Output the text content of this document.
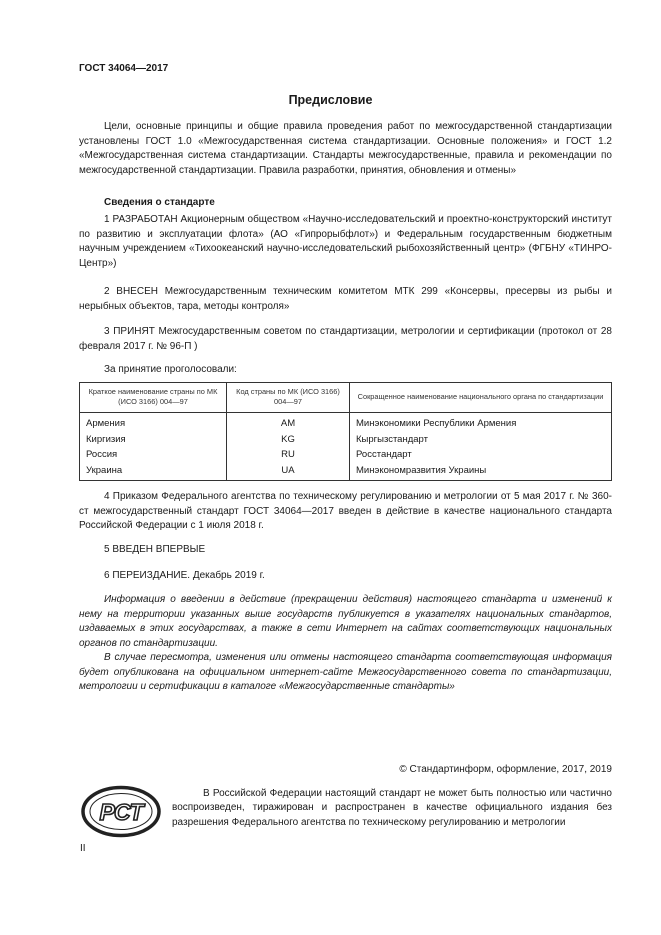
ГОСТ 34064—2017
Предисловие

Цели, основные принципы и общие правила проведения работ по межгосударственной стандартизации установлены ГОСТ 1.0 «Межгосударственная система стандартизации. Основные положения» и ГОСТ 1.2 «Межгосударственная система стандартизации. Стандарты межгосударственные, правила и рекомендации по межгосударственной стандартизации. Правила разработки, принятия, обновления и отмены»

Сведения о стандарте

1 РАЗРАБОТАН Акционерным обществом «Научно-исследовательский и проектно-конструкторский институт по развитию и эксплуатации флота» (АО «Гипрорыбфлот») и Федеральным государственным бюджетным научным учреждением «Тихоокеанский научно-исследовательский рыбохозяйственный центр» (ФГБНУ «ТИНРО-Центр»)

2 ВНЕСЕН Межгосударственным техническим комитетом МТК 299 «Консервы, пресервы из рыбы и нерыбных объектов, тара, методы контроля»

3 ПРИНЯТ Межгосударственным советом по стандартизации, метрологии и сертификации (протокол от 28 февраля 2017 г. № 96-П )

За принятие проголосовали:
Краткое наименование страны по МК (ИСО 3166) 004—97	Код страны по МК (ИСО 3166) 004—97	Сокращенное наименование национального органа по стандартизации
Армения	AM	Минэкономики Республики Армения
Киргизия	KG	Кыргызстандарт
Россия	RU	Росстандарт
Украина	UA	Минэкономразвития Украины

4 Приказом Федерального агентства по техническому регулированию и метрологии от 5 мая 2017 г. № 360-ст межгосударственный стандарт ГОСТ 34064—2017 введен в действие в качестве национального стандарта Российской Федерации с 1 июля 2018 г.

5 ВВЕДЕН ВПЕРВЫЕ
6 ПЕРЕИЗДАНИЕ. Декабрь 2019 г.

Информация о введении в действие (прекращении действия) настоящего стандарта и изменений к нему на территории указанных выше государств публикуется в указателях национальных стандартов, издаваемых в этих государствах, а также в сети Интернет на сайтах соответствующих национальных органов по стандартизации.

В случае пересмотра, изменения или отмены настоящего стандарта соответствующая информация будет опубликована на официальном интернет-сайте Межгосударственного совета по стандартизации, метрологии и сертификации в каталоге «Межгосударственные стандарты»

© Стандартинформ, оформление, 2017, 2019
PCT

В Российской Федерации настоящий стандарт не может быть полностью или частично воспроизведен, тиражирован и распространен в качестве официального издания без разрешения Федерального агентства по техническому регулированию и метрологии

II
